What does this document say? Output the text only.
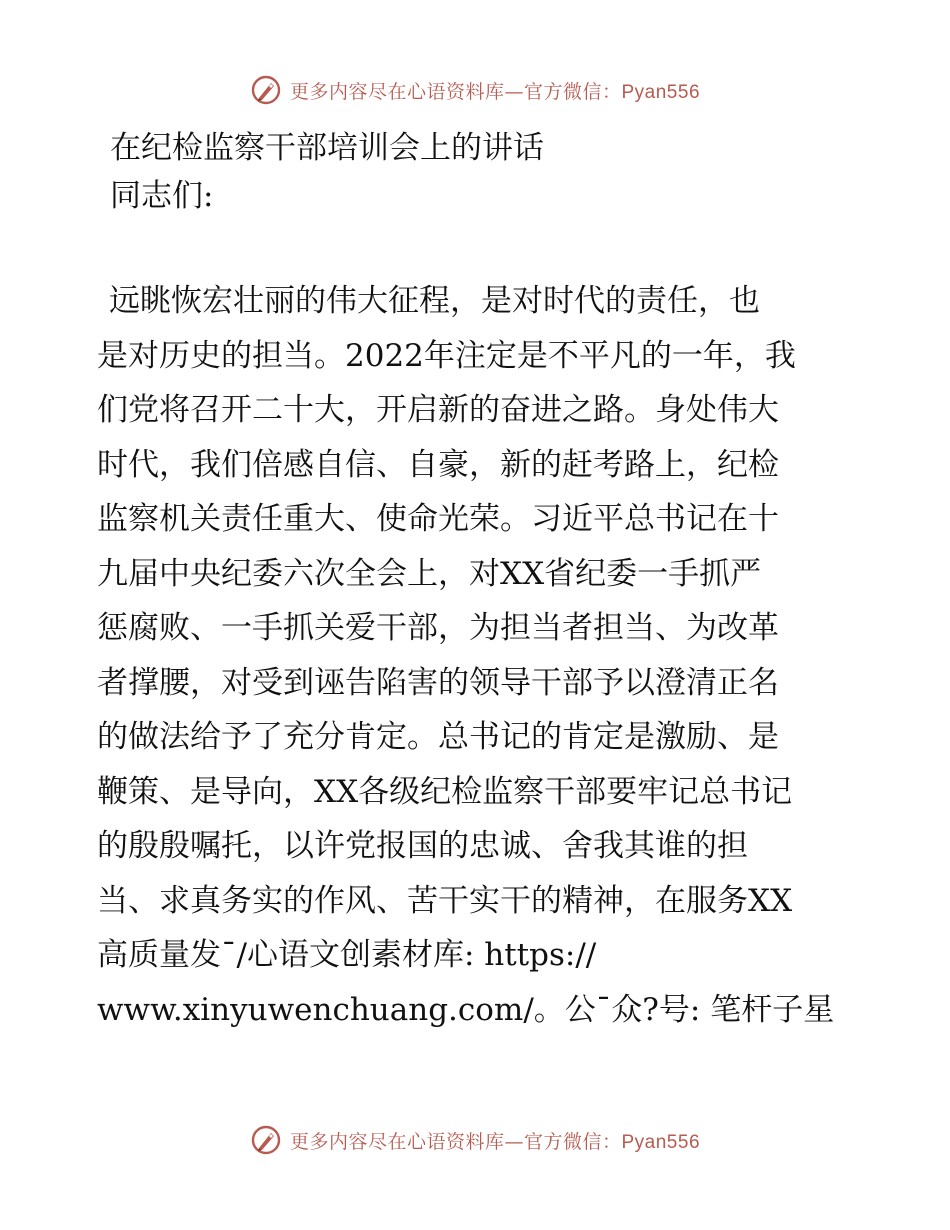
更多内容尽在心语资料库—官方微信：Pyan556
在纪检监察干部培训会上的讲话

同志们:

远眺恢宏壮丽的伟大征程，是对时代的责任，也
是对历史的担当。2022年注定是不平凡的一年，我
们党将召开二十大，开启新的奋进之路。身处伟大
时代，我们倍感自信、自豪，新的赶考路上，纪检
监察机关责任重大、使命光荣。习近平总书记在十
九届中央纪委六次全会上，对XX省纪委一手抓严
惩腐败、一手抓关爱干部，为担当者担当、为改革
者撑腰，对受到诬告陷害的领导干部予以澄清正名
的做法给予了充分肯定。总书记的肯定是激励、是
鞭策、是导向，XX各级纪检监察干部要牢记总书记
的殷殷嘱托，以许党报国的忠诚、舍我其谁的担
当、求真务实的作风、苦干实干的精神，在服务XX
高质量发¯/心语文创素材库: https://
www.xinyuwenchuang.com/。公¯众?号: 笔杆子星
更多内容尽在心语资料库—官方微信：Pyan556
